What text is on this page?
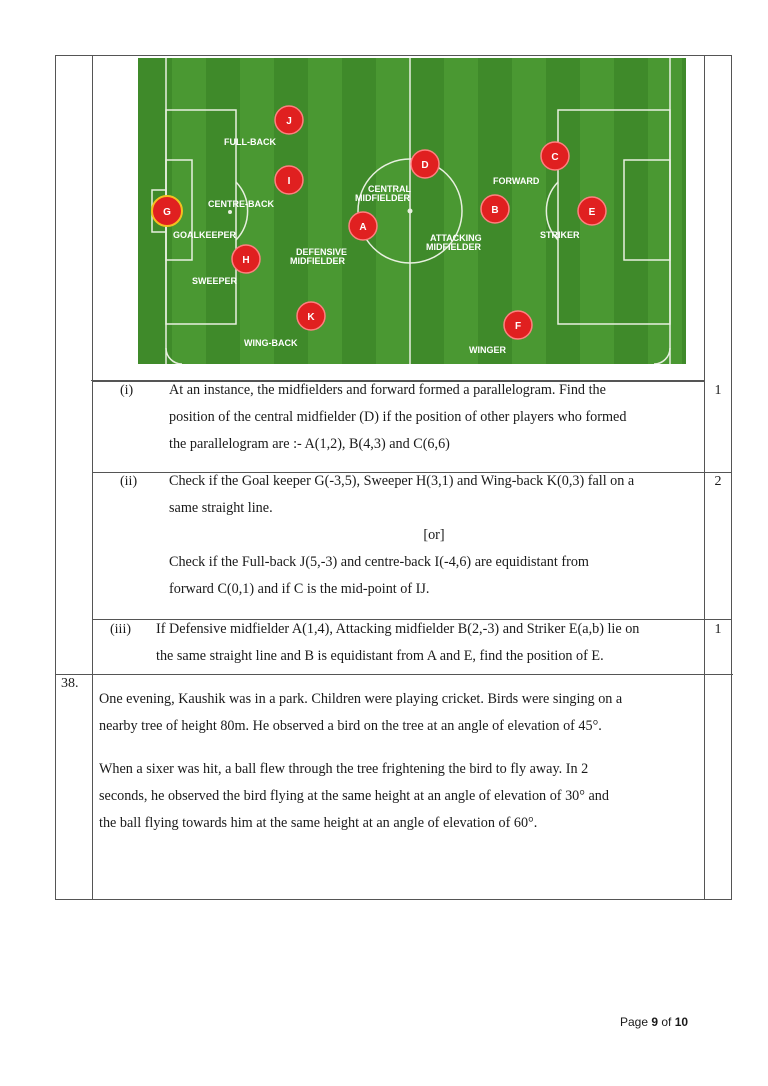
J
I
G
H
K
A
D
B
C
E
F
FULL-BACK
CENTRE-BACK
GOALKEEPER
SWEEPER
WING-BACK
CENTRAL
MIDFIELDER
DEFENSIVE
MIDFIELDER
ATTACKING
MIDFIELDER
FORWARD
STRIKER
WINGER
(i)	At an instance, the midfielders and forward formed a parallelogram. Find the
position of the central midfielder (D) if the position of other players who formed
the parallelogram are :- A(1,2), B(4,3) and C(6,6)
1
(ii) Check if the Goal keeper G(-3,5), Sweeper H(3,1) and Wing-back K(0,3) fall on a
same straight line.
[or]
Check if the Full-back J(5,-3) and centre-back I(-4,6) are equidistant from
forward C(0,1) and if C is the mid-point of IJ.
2
(iii) If Defensive midfielder A(1,4), Attacking midfielder B(2,-3) and Striker E(a,b) lie on
the same straight line and B is equidistant from A and E, find the position of E.
1
38.
One evening, Kaushik was in a park. Children were playing cricket. Birds were singing on a
nearby tree of height 80m. He observed a bird on the tree at an angle of elevation of 45°.
When a sixer was hit, a ball flew through the tree frightening the bird to fly away. In 2
seconds, he observed the bird flying at the same height at an angle of elevation of 30° and
the ball flying towards him at the same height at an angle of elevation of 60°.
Page 9 of 10
